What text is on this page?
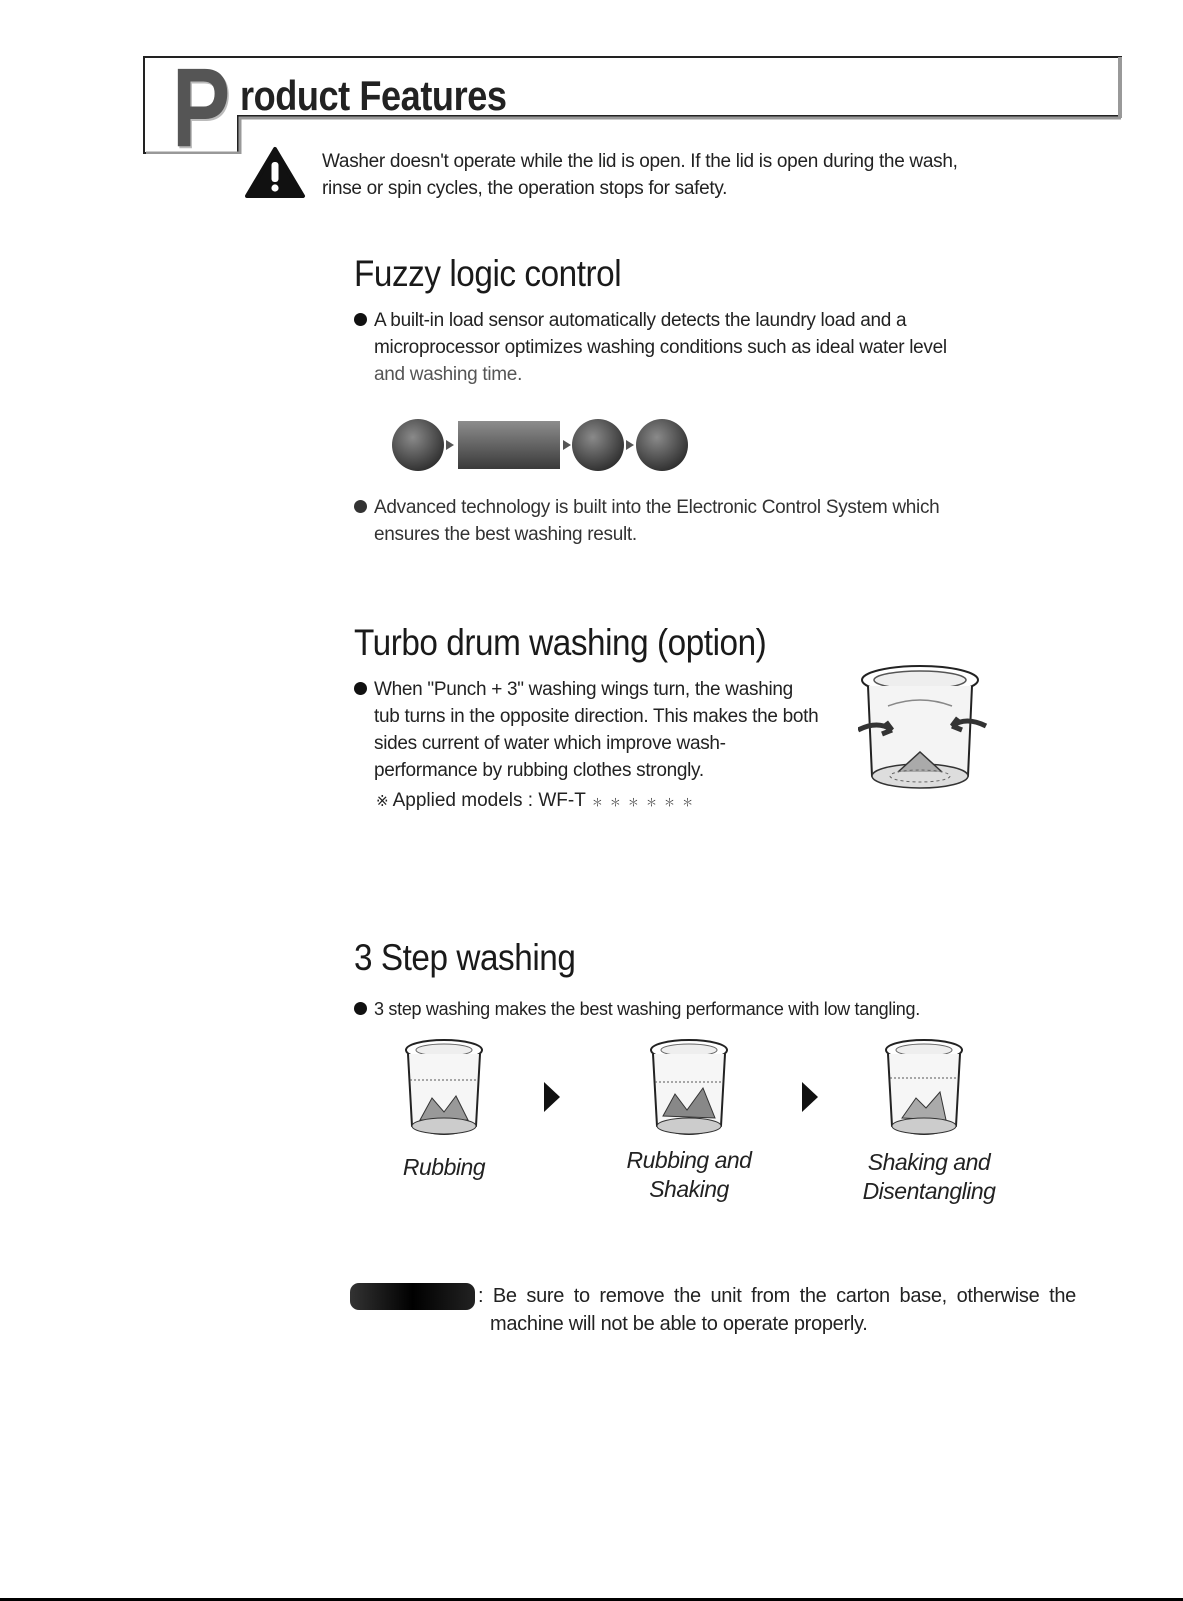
P roduct Features
Washer doesn't operate while the lid is open. If the lid is open during the wash,
rinse or spin cycles, the operation stops for safety.
Fuzzy logic control
A built-in load sensor automatically detects the laundry load and a
microprocessor optimizes washing conditions such as ideal water level
and washing time.
Advanced technology is built into the Electronic Control System which
ensures the best washing result.
Turbo drum washing (option)
When "Punch + 3" washing wings turn, the washing
tub turns in the opposite direction. This makes the both
sides current of water which improve wash-
performance by rubbing clothes strongly.
※ Applied models : WF-T ＊ ＊ ＊ ＊ ＊ ＊
3 Step washing
3 step washing makes the best washing performance with low tangling.
Rubbing	Rubbing and
Shaking
Shaking and
Disentangling
: Be sure to remove the unit from the carton base, otherwise the
machine will not be able to operate properly.
